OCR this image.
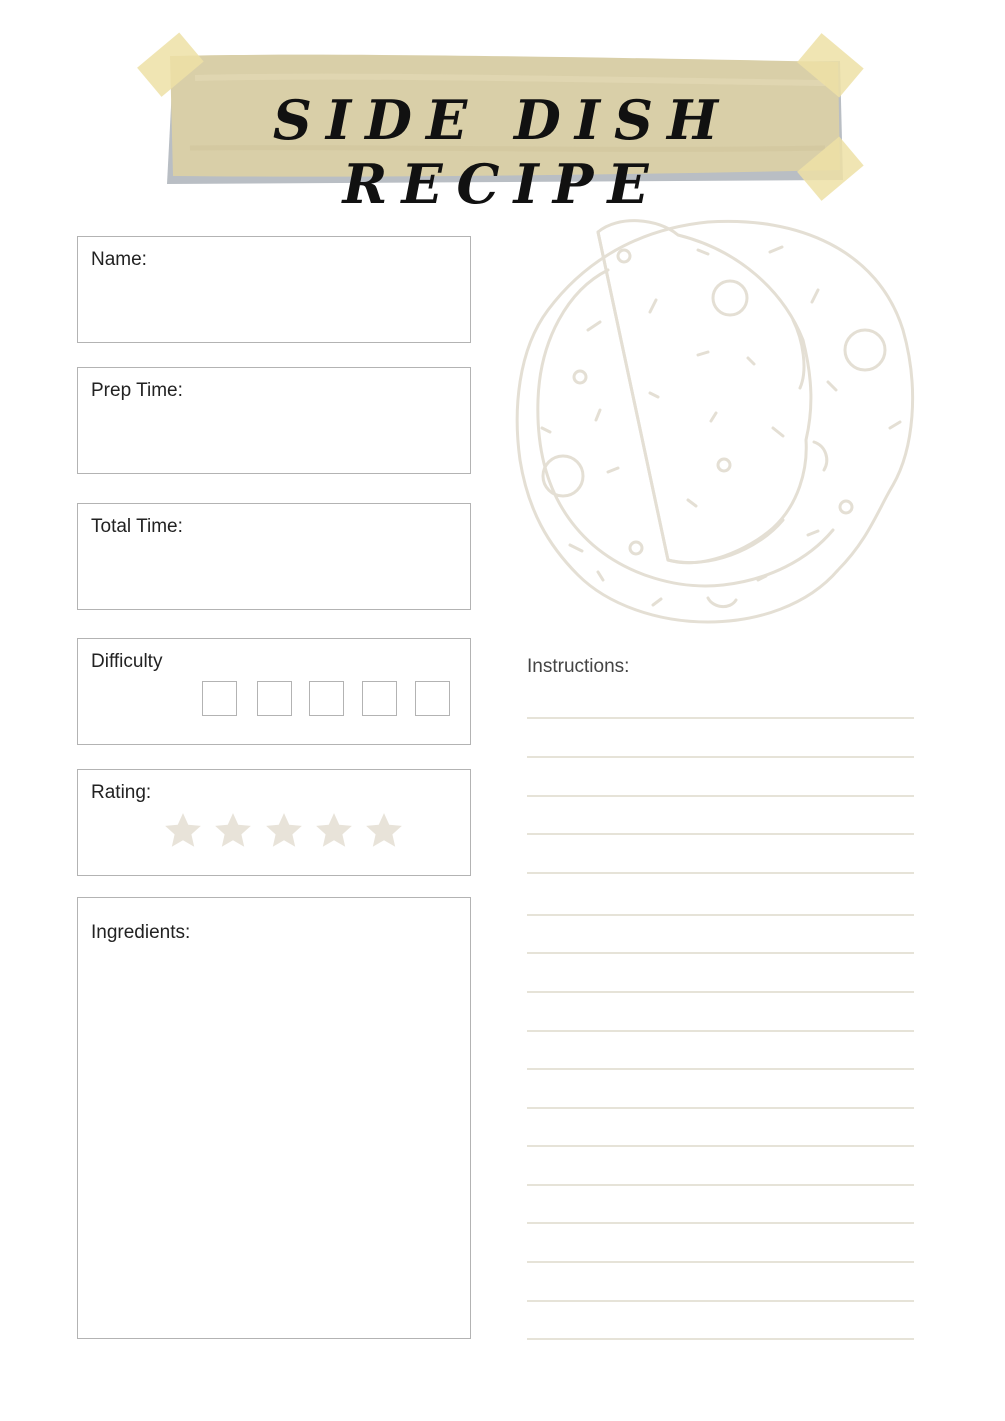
SIDE DISH RECIPE
Name:
Prep Time:
Total Time:
Difficulty
Rating:
Ingredients:
Instructions:
